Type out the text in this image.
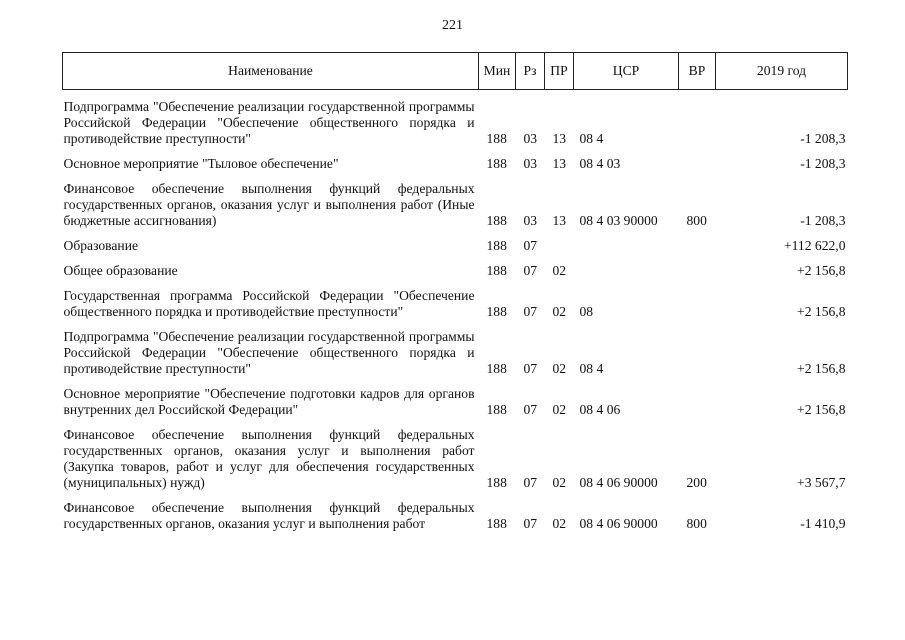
221
Наименование	Мин	Рз	ПР	ЦСР	ВР	2019 год

Подпрограмма "Обеспечение реализации государственной программы Российской Федерации "Обеспечение общественного порядка и противодействие преступности"	188	03	13	08 4		-1 208,3
Основное мероприятие "Тыловое обеспечение"	188	03	13	08 4 03		-1 208,3
Финансовое обеспечение выполнения функций федеральных государственных органов, оказания услуг и выполнения работ (Иные бюджетные ассигнования)	188	03	13	08 4 03 90000	800	-1 208,3
Образование	188	07				+112 622,0
Общее образование	188	07	02			+2 156,8
Государственная программа Российской Федерации "Обеспечение общественного порядка и противодействие преступности"	188	07	02	08		+2 156,8
Подпрограмма "Обеспечение реализации государственной программы Российской Федерации "Обеспечение общественного порядка и противодействие преступности"	188	07	02	08 4		+2 156,8
Основное мероприятие "Обеспечение подготовки кадров для органов внутренних дел Российской Федерации"	188	07	02	08 4 06		+2 156,8
Финансовое обеспечение выполнения функций федеральных государственных органов, оказания услуг и выполнения работ (Закупка товаров, работ и услуг для обеспечения государственных (муниципальных) нужд)	188	07	02	08 4 06 90000	200	+3 567,7
Финансовое обеспечение выполнения функций федеральных государственных органов, оказания услуг и выполнения работ	188	07	02	08 4 06 90000	800	-1 410,9
